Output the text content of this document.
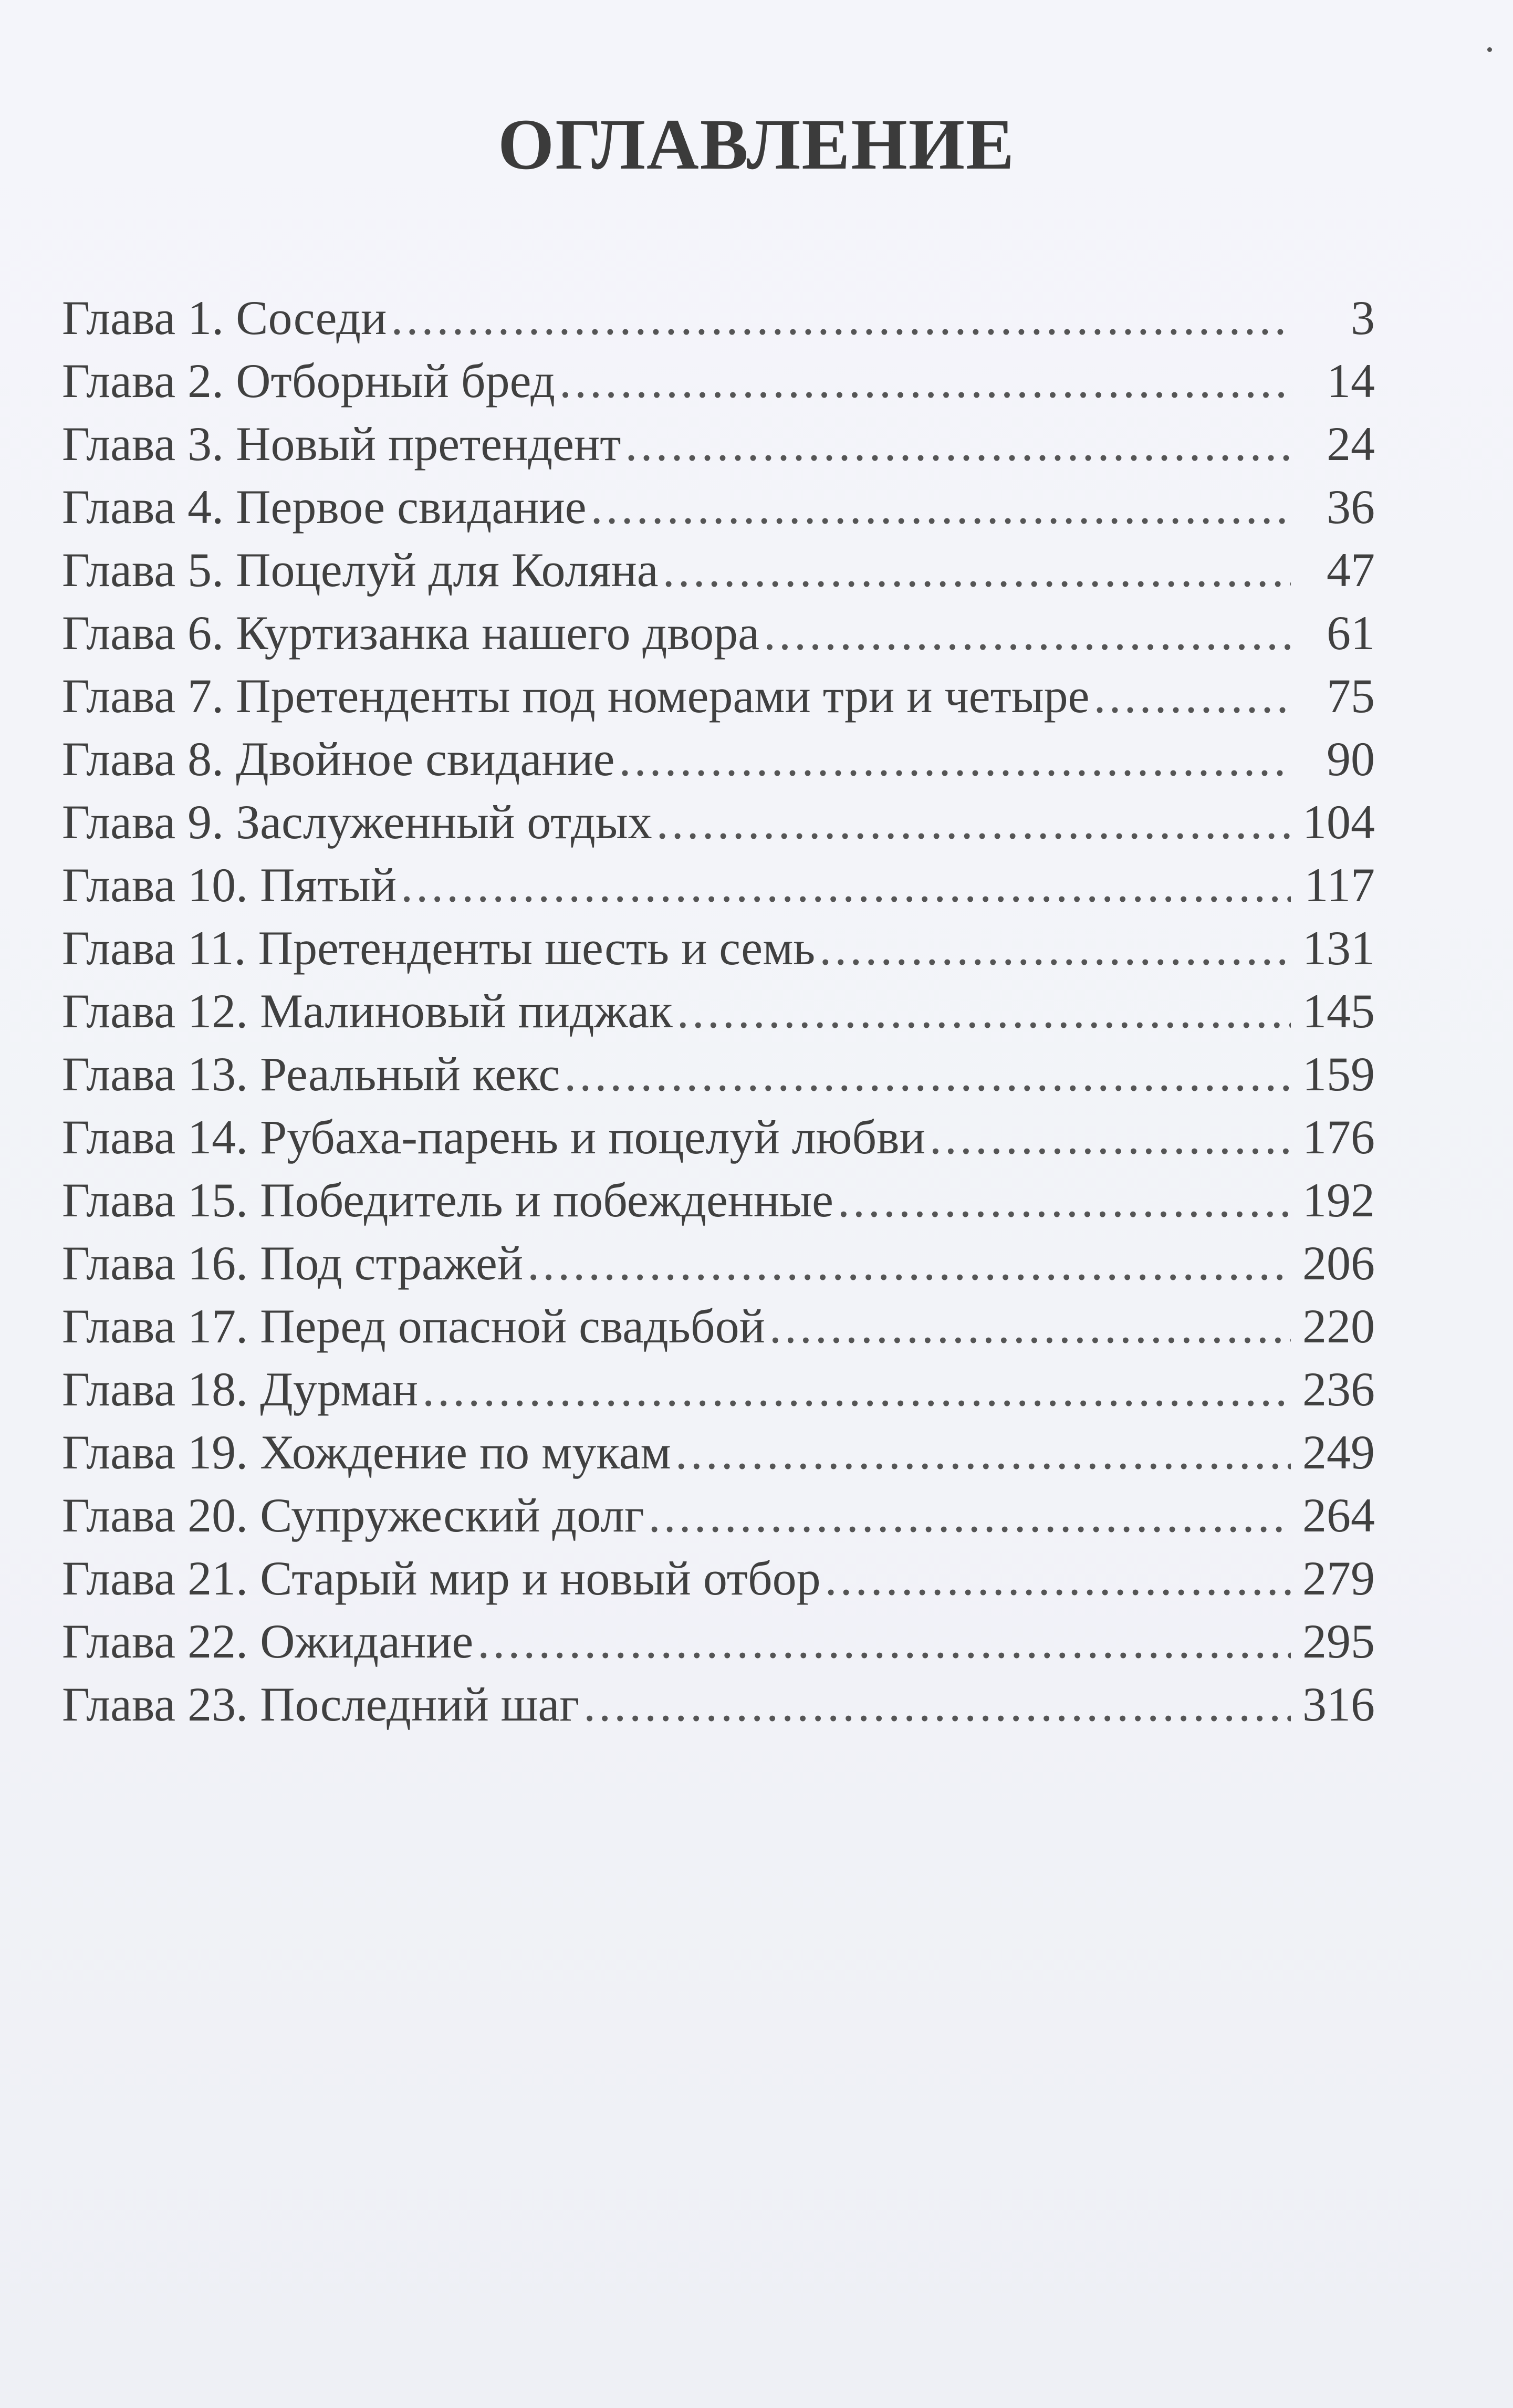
ОГЛАВЛЕНИЕ
Глава 1. Соседи .....	3
Глава 2. Отборный бред .....	14
Глава 3. Новый претендент .....	24
Глава 4. Первое свидание .....	36
Глава 5. Поцелуй для Коляна .....	47
Глава 6. Куртизанка нашего двора .....	61
Глава 7. Претенденты под номерами три и четыре .....	75
Глава 8. Двойное свидание .....	90
Глава 9. Заслуженный отдых .....	104
Глава 10. Пятый .....	117
Глава 11. Претенденты шесть и семь .....	131
Глава 12. Малиновый пиджак .....	145
Глава 13. Реальный кекс .....	159
Глава 14. Рубаха-парень и поцелуй любви .....	176
Глава 15. Победитель и побежденные .....	192
Глава 16. Под стражей .....	206
Глава 17. Перед опасной свадьбой .....	220
Глава 18. Дурман .....	236
Глава 19. Хождение по мукам .....	249
Глава 20. Супружеский долг .....	264
Глава 21. Старый мир и новый отбор .....	279
Глава 22. Ожидание .....	295
Глава 23. Последний шаг .....	316
